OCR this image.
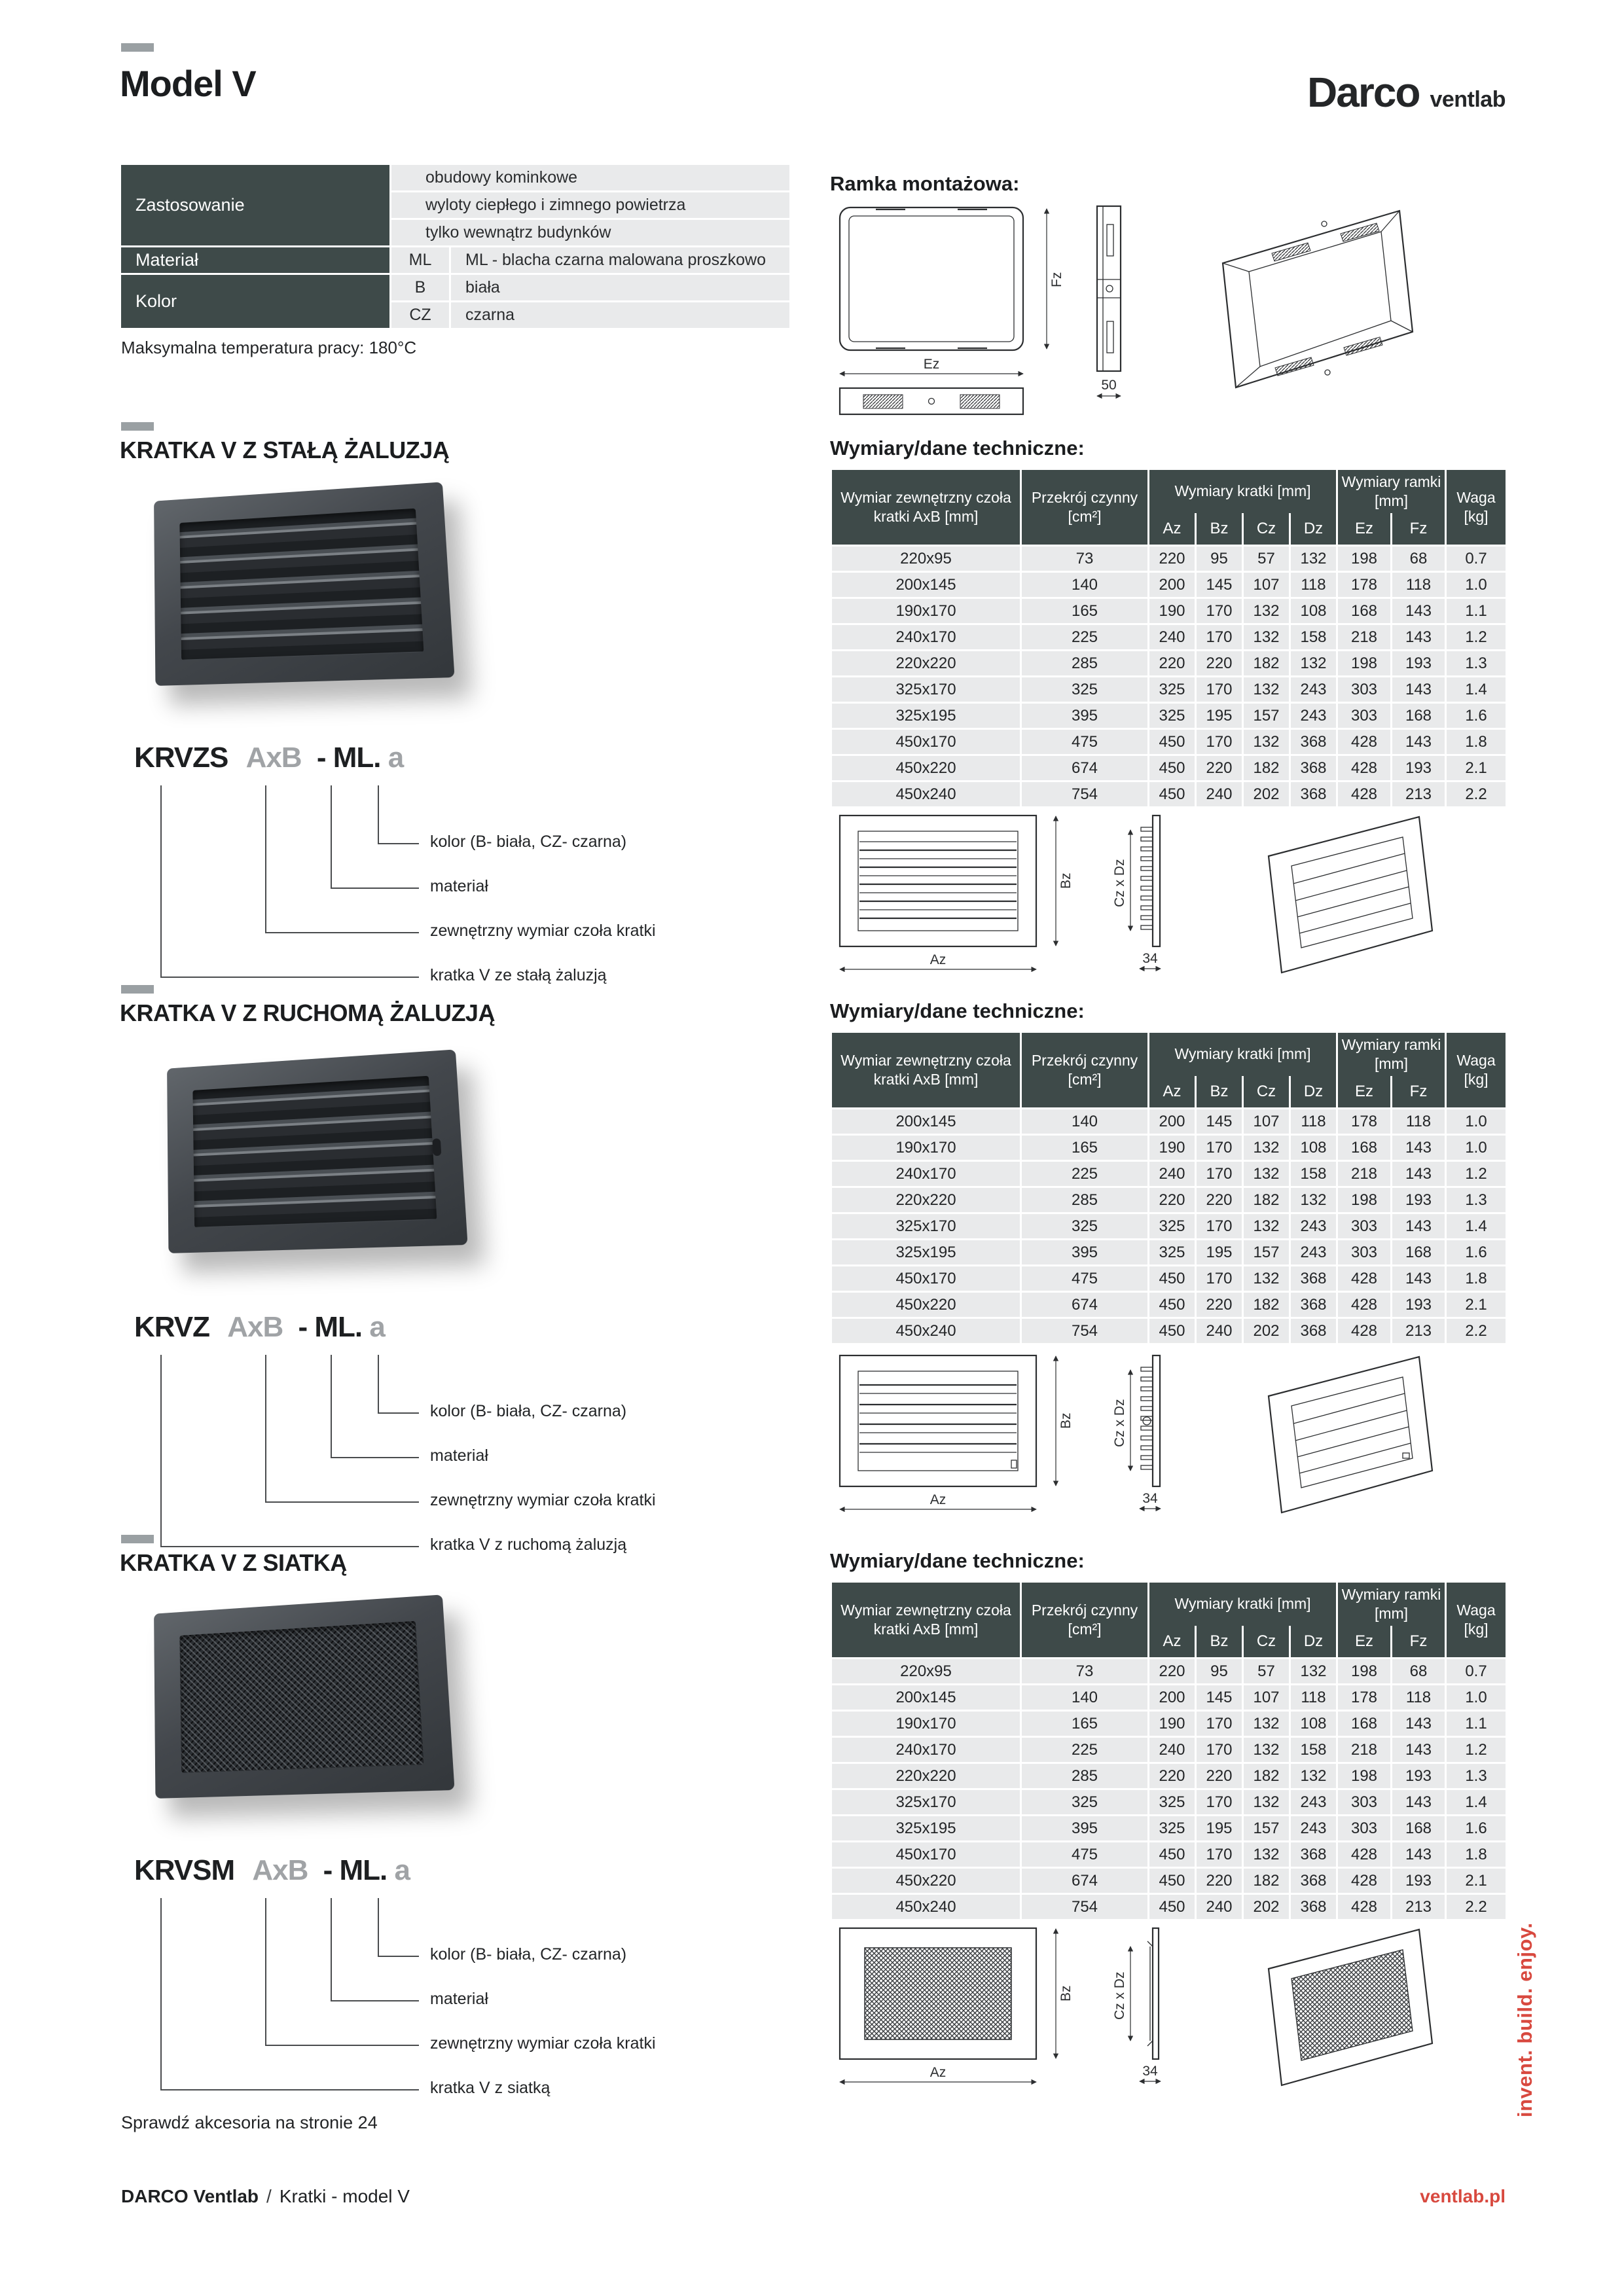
Model V	Darco ventlab
Zastosowanie
obudowy kominkowe
wyloty ciepłego i zimnego powietrza
tylko wewnątrz budynków
Materiał	ML	ML - blacha czarna malowana proszkowo
Kolor
B	biała
CZ	czarna

Maksymalna temperatura pracy: 180°C

Ramka montażowa:
Fz
Ez
50
KRATKA V Z STAŁĄ ŻALUZJĄ
KRVZS AxB - ML. a
kolor (B- biała, CZ- czarna)
materiał
zewnętrzny wymiar czoła kratki
kratka V ze stałą żaluzją
Wymiary/dane techniczne:
Wymiar zewnętrzny czoła kratki AxB [mm]	
Przekrój czynny
[cm²]
	Wymiary kratki [mm]	Wymiary ramki [mm]	Waga
[kg]

		Az	Bz	Cz	Dz	Ez	Fz	
220x95	73	220	95	57	132	198	68	0.7
200x145	140	200	145	107	118	178	118	1.0
190x170	165	190	170	132	108	168	143	1.1
240x170	225	240	170	132	158	218	143	1.2
220x220	285	220	220	182	132	198	193	1.3
325x170	325	325	170	132	243	303	143	1.4
325x195	395	325	195	157	243	303	168	1.6
450x170	475	450	170	132	368	428	143	1.8
450x220	674	450	220	182	368	428	193	2.1
450x240	754	450	240	202	368	428	213	2.2
Bz
Az
Cz x Dz
34
KRATKA V Z RUCHOMĄ ŻALUZJĄ
KRVZ AxB - ML. a
kolor (B- biała, CZ- czarna)
materiał
zewnętrzny wymiar czoła kratki
kratka V z ruchomą żaluzją
Wymiary/dane techniczne:
Wymiar zewnętrzny czoła kratki AxB [mm]	
Przekrój czynny
[cm²]
	Wymiary kratki [mm]	Wymiary ramki [mm]	Waga
[kg]

		Az	Bz	Cz	Dz	Ez	Fz	
200x145	140	200	145	107	118	178	118	1.0
190x170	165	190	170	132	108	168	143	1.0
240x170	225	240	170	132	158	218	143	1.2
220x220	285	220	220	182	132	198	193	1.3
325x170	325	325	170	132	243	303	143	1.4
325x195	395	325	195	157	243	303	168	1.6
450x170	475	450	170	132	368	428	143	1.8
450x220	674	450	220	182	368	428	193	2.1
450x240	754	450	240	202	368	428	213	2.2
Bz
Az
Cz x Dz
34
KRATKA V Z SIATKĄ
KRVSM AxB - ML. a
kolor (B- biała, CZ- czarna)
materiał
zewnętrzny wymiar czoła kratki
kratka V z siatką
Wymiary/dane techniczne:
Wymiar zewnętrzny czoła kratki AxB [mm]	
Przekrój czynny
[cm²]
	Wymiary kratki [mm]	Wymiary ramki [mm]	Waga
[kg]

		Az	Bz	Cz	Dz	Ez	Fz	
220x95	73	220	95	57	132	198	68	0.7
200x145	140	200	145	107	118	178	118	1.0
190x170	165	190	170	132	108	168	143	1.1
240x170	225	240	170	132	158	218	143	1.2
220x220	285	220	220	182	132	198	193	1.3
325x170	325	325	170	132	243	303	143	1.4
325x195	395	325	195	157	243	303	168	1.6
450x170	475	450	170	132	368	428	143	1.8
450x220	674	450	220	182	368	428	193	2.1
450x240	754	450	240	202	368	428	213	2.2
Bz
Az
Cz x Dz
34

Sprawdź akcesoria na stronie 24

DARCO Ventlab / Kratki - model V	ventlab.pl
invent. build. enjoy.
